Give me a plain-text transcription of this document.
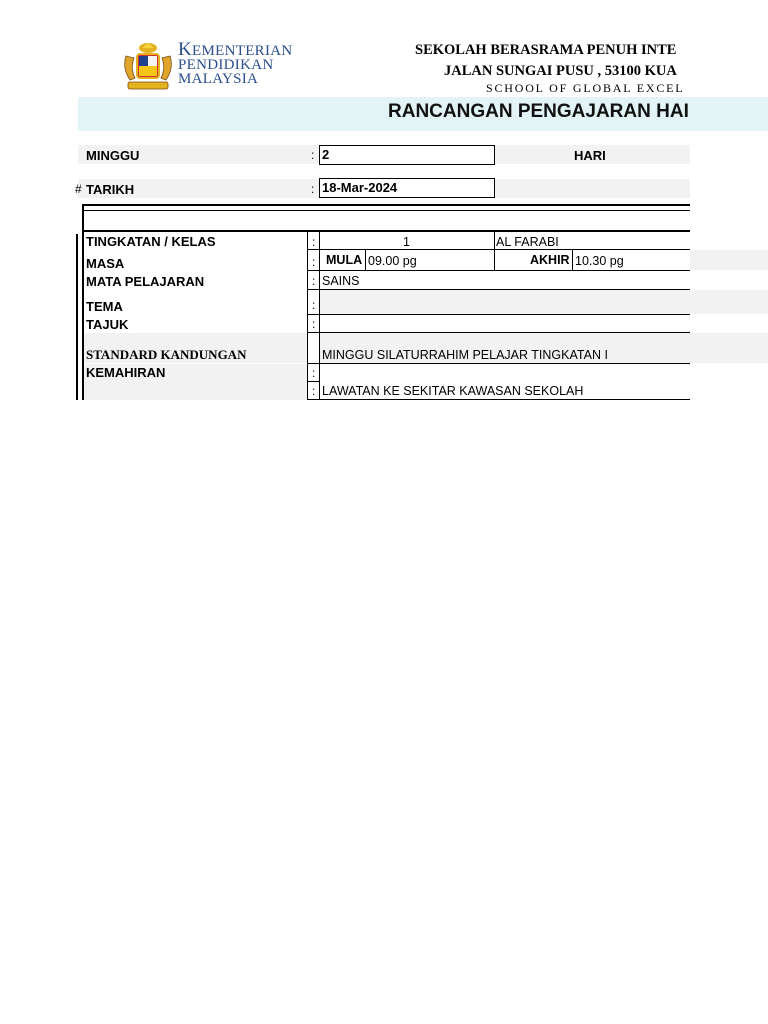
KEMENTERIAN
PENDIDIKAN
MALAYSIA
SEKOLAH BERASRAMA PENUH INTE
JALAN SUNGAI PUSU , 53100 KUA
SCHOOL OF GLOBAL EXCEL
RANCANGAN PENGAJARAN HAI
MINGGU	: 2	HARI
# TARIKH	: 18-Mar-2024
TINGKATAN / KELAS	:	1	AL FARABI
MASA	: MULA 09.00 pg	AKHIR 10.30 pg
MATA PELAJARAN	: SAINS
TEMA	:
TAJUK	:
STANDARD KANDUNGAN	MINGGU SILATURRAHIM PELAJAR TINGKATAN I
KEMAHIRAN	:
: LAWATAN KE SEKITAR KAWASAN SEKOLAH
